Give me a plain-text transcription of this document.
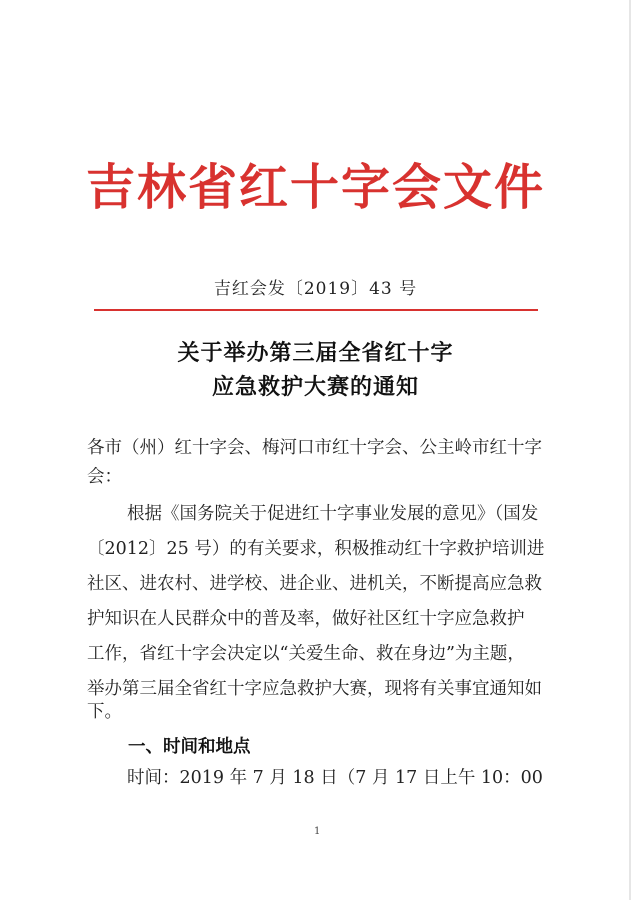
吉林省红十字会文件
吉红会发〔2019〕43 号
关于举办第三届全省红十字
应急救护大赛的通知
各市（州）红十字会、梅河口市红十字会、公主岭市红十字
会：
根据《国务院关于促进红十字事业发展的意见》（国发
〔2012〕25 号）的有关要求，积极推动红十字救护培训进
社区、进农村、进学校、进企业、进机关，不断提高应急救
护知识在人民群众中的普及率，做好社区红十字应急救护
工作，省红十字会决定以“关爱生命、救在身边”为主题，
举办第三届全省红十字应急救护大赛，现将有关事宜通知如
下。
一、时间和地点
时间：2019 年 7 月 18 日（7 月 17 日上午 10：00
1
